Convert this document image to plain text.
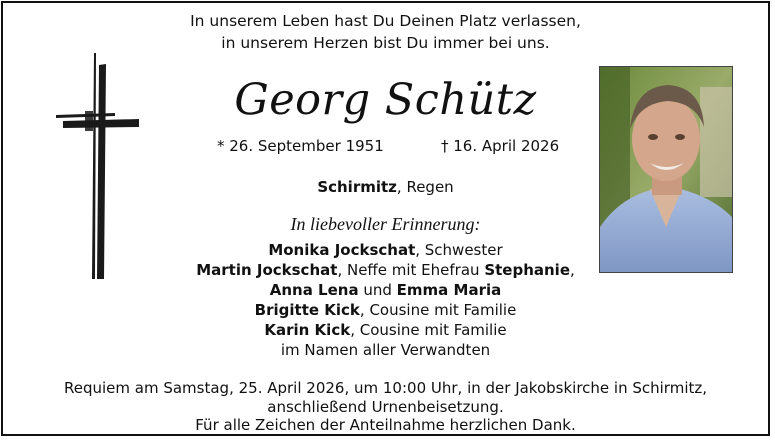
In unserem Leben hast Du Deinen Platz verlassen,
in unserem Herzen bist Du immer bei uns.
Georg Schütz
* 26. September 1951	† 16. April 2026
Schirmitz, Regen
In liebevoller Erinnerung:
Monika Jockschat, Schwester
Martin Jockschat, Neffe mit Ehefrau Stephanie,
Anna Lena und Emma Maria
Brigitte Kick, Cousine mit Familie
Karin Kick, Cousine mit Familie
im Namen aller Verwandten
Requiem am Samstag, 25. April 2026, um 10:00 Uhr, in der Jakobskirche in Schirmitz,
anschließend Urnenbeisetzung.
Für alle Zeichen der Anteilnahme herzlichen Dank.
